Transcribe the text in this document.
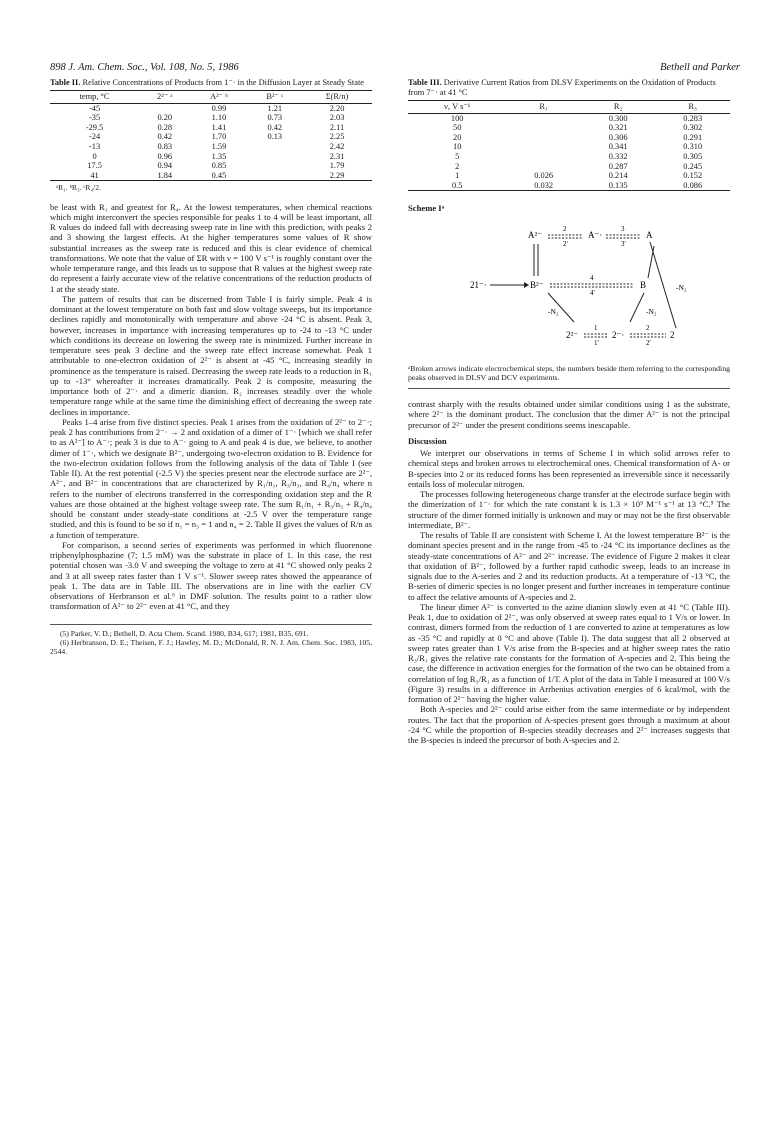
898 J. Am. Chem. Soc., Vol. 108, No. 5, 1986	Bethell and Parker
Table II. Relative Concentrations of Products from 1⁻· in the Diffusion Layer at Steady State
temp, °C	2²⁻ ᵃ	A²⁻ ᵇ	B²⁻ ᶜ	Σ(R/n)
-45		0.99	1.21	2.20
-35	0.20	1.10	0.73	2.03
-29.5	0.28	1.41	0.42	2.11
-24	0.42	1.70	0.13	2.25
-13	0.83	1.59		2.42
0	0.96	1.35		2.31
17.5	0.94	0.85		1.79
41	1.84	0.45		2.29
ᵃR₁. ᵇR₃. ᶜR₄/2.

be least with R₁ and greatest for R₄. At the lowest temperatures, when chemical reactions which might interconvert the species responsible for peaks 1 to 4 will be least important, all R values do indeed fall with decreasing sweep rate in line with this prediction, with peaks 2 and 3 showing the largest effects. At the higher temperatures some values of R show substantial increases as the sweep rate is reduced and this is clear evidence of chemical transformations. We note that the value of ΣR with ν = 100 V s⁻¹ is roughly constant over the whole temperature range, and this leads us to suppose that R values at the highest sweep rate do represent a fairly accurate view of the relative concentrations of the reduction products of 1 at the steady state.

The pattern of results that can be discerned from Table I is fairly simple. Peak 4 is dominant at the lowest temperature on both fast and slow voltage sweeps, but its importance declines rapidly and monotonically with temperature and above -24 °C is absent. Peak 3, however, increases in importance with increasing temperatures up to -24 to -13 °C under which conditions its decrease on lowering the sweep rate is minimized. Further increase in temperature sees peak 3 decline and the sweep rate effect increase somewhat. Peak 1 attributable to one-electron oxidation of 2²⁻ is absent at -45 °C, increasing steadily in prominence as the temperature is raised. Decreasing the sweep rate leads to a reduction in R₁ up to -13° whereafter it increases dramatically. Peak 2 is composite, measuring the importance both of 2⁻· and a dimeric dianion. R₂ increases steadily over the whole temperature range while at the same time the diminishing effect of decreasing the sweep rate declines in importance.

Peaks 1–4 arise from five distinct species. Peak 1 arises from the oxidation of 2²⁻ to 2⁻·; peak 2 has contributions from 2⁻· → 2 and oxidation of a dimer of 1⁻· [which we shall refer to as A²⁻] to A⁻·; peak 3 is due to A⁻· going to A and peak 4 is due, we believe, to another dimer of 1⁻·, which we designate B²⁻, undergoing two-electron oxidation to B. Evidence for the two-electron oxidation follows from the following analysis of the data of Table I (see Table II). At the rest potential (-2.5 V) the species present near the electrode surface are 2²⁻, A²⁻, and B²⁻ in concentrations that are characterized by R₁/n₁, R₃/n₃, and R₄/n₄ where n refers to the number of electrons transferred in the corresponding oxidation step and the R values are those obtained at the highest voltage sweep rate. The sum R₁/n₁ + R₃/n₃ + R₄/n₄ should be constant under steady-state conditions at -2.5 V over the temperature range studied, and this is found to be so if n₁ = n₃ = 1 and n₄ = 2. Table II gives the values of R/n as a function of temperature.

For comparison, a second series of experiments was performed in which fluorenone triphenylphosphazine (7; 1.5 mM) was the substrate in place of 1. In this case, the rest potential chosen was -3.0 V and sweeping the voltage to zero at 41 °C showed only peaks 2 and 3 at all sweep rates faster than 1 V s⁻¹. Slower sweep rates showed the appearance of peak 1. The data are in Table III. The observations are in line with the earlier CV observations of Herbranson et al.⁶ in DMF solution. The results point to a rather slow transformation of A²⁻ to 2²⁻ even at 41 °C, and they

(5) Parker, V. D.; Bethell, D. Acta Chem. Scand. 1980, B34, 617; 1981, B35, 691.

(6) Herbranson, D. E.; Theisen, F. J.; Hawley, M. D.; McDonald, R. N. J. Am. Chem. Soc. 1983, 105, 2544.

Table III. Derivative Current Ratios from DLSV Experiments on the Oxidation of Products from 7⁻· at 41 °C
ν, V s⁻¹	R₁	R₂	R₃
100		0.300	0.283
50		0.321	0.302
20		0.306	0.291
10		0.341	0.310
5		0.332	0.305
2		0.287	0.245
1	0.026	0.214	0.152
0.5	0.032	0.135	0.086
Scheme Iᵃ
A²⁻	A⁻·	A
2
2'
3
3'
21⁻·	B²⁻
4
4'
B	-N₂
-N₂	-N₂
2²⁻
1
1'
2⁻·
2
2'
2
ᵃBroken arrows indicate electrochemical steps, the numbers beside them referring to the corresponding peaks observed in DLSV and DCV experiments.

contrast sharply with the results obtained under similar conditions using 1 as the substrate, where 2²⁻ is the dominant product. The conclusion that the dimer A²⁻ is not the principal precursor of 2²⁻ under the present conditions seems inescapable.

Discussion

We interpret our observations in terms of Scheme I in which solid arrows refer to chemical steps and broken arrows to electrochemical ones. Chemical transformation of A- or B-species into 2 or its reduced forms has been represented as irreversible since it necessarily entails loss of molecular nitrogen.

The processes following heterogeneous charge transfer at the electrode surface begin with the dimerization of 1⁻· for which the rate constant k is 1.3 × 10⁵ M⁻¹ s⁻¹ at 13 °C.⁵ The structure of the dimer formed initially is unknown and may or may not be the first observable intermediate, B²⁻.

The results of Table II are consistent with Scheme I. At the lowest temperature B²⁻ is the dominant species present and in the range from -45 to -24 °C its importance declines as the steady-state concentrations of A²⁻ and 2²⁻ increase. The evidence of Figure 2 makes it clear that oxidation of B²⁻, followed by a further rapid cathodic sweep, leads to an increase in signals due to the A-series and 2 and its reduction products. At a temperature of -13 °C, the B-series of dimeric species is no longer present and further increases in temperature continue to affect the relative amounts of A-species and 2.

The linear dimer A²⁻ is converted to the azine dianion slowly even at 41 °C (Table III). Peak 1, due to oxidation of 2²⁻, was only observed at sweep rates equal to 1 V/s or lower. In contrast, dimers formed from the reduction of 1 are converted to azine at temperatures as low as -35 °C and rapidly at 0 °C and above (Table I). The data suggest that all 2 observed at sweep rates greater than 1 V/s arise from the B-species and at higher sweep rates the ratio R₃/R₁ gives the relative rate constants for the formation of A-species and 2. This being the case, the difference in activation energies for the formation of the two can be obtained from a correlation of log R₃/R₁ as a function of 1/T. A plot of the data in Table I measured at 100 V/s (Figure 3) results in a difference in Arrhenius activation energies of 6 kcal/mol, with the formation of 2²⁻ having the higher value.

Both A-species and 2²⁻ could arise either from the same intermediate or by independent routes. The fact that the proportion of A-species present goes through a maximum at about -24 °C while the proportion of B-species steadily decreases and 2²⁻ increases suggests that the B-species is indeed the precursor of both A-species and 2.
